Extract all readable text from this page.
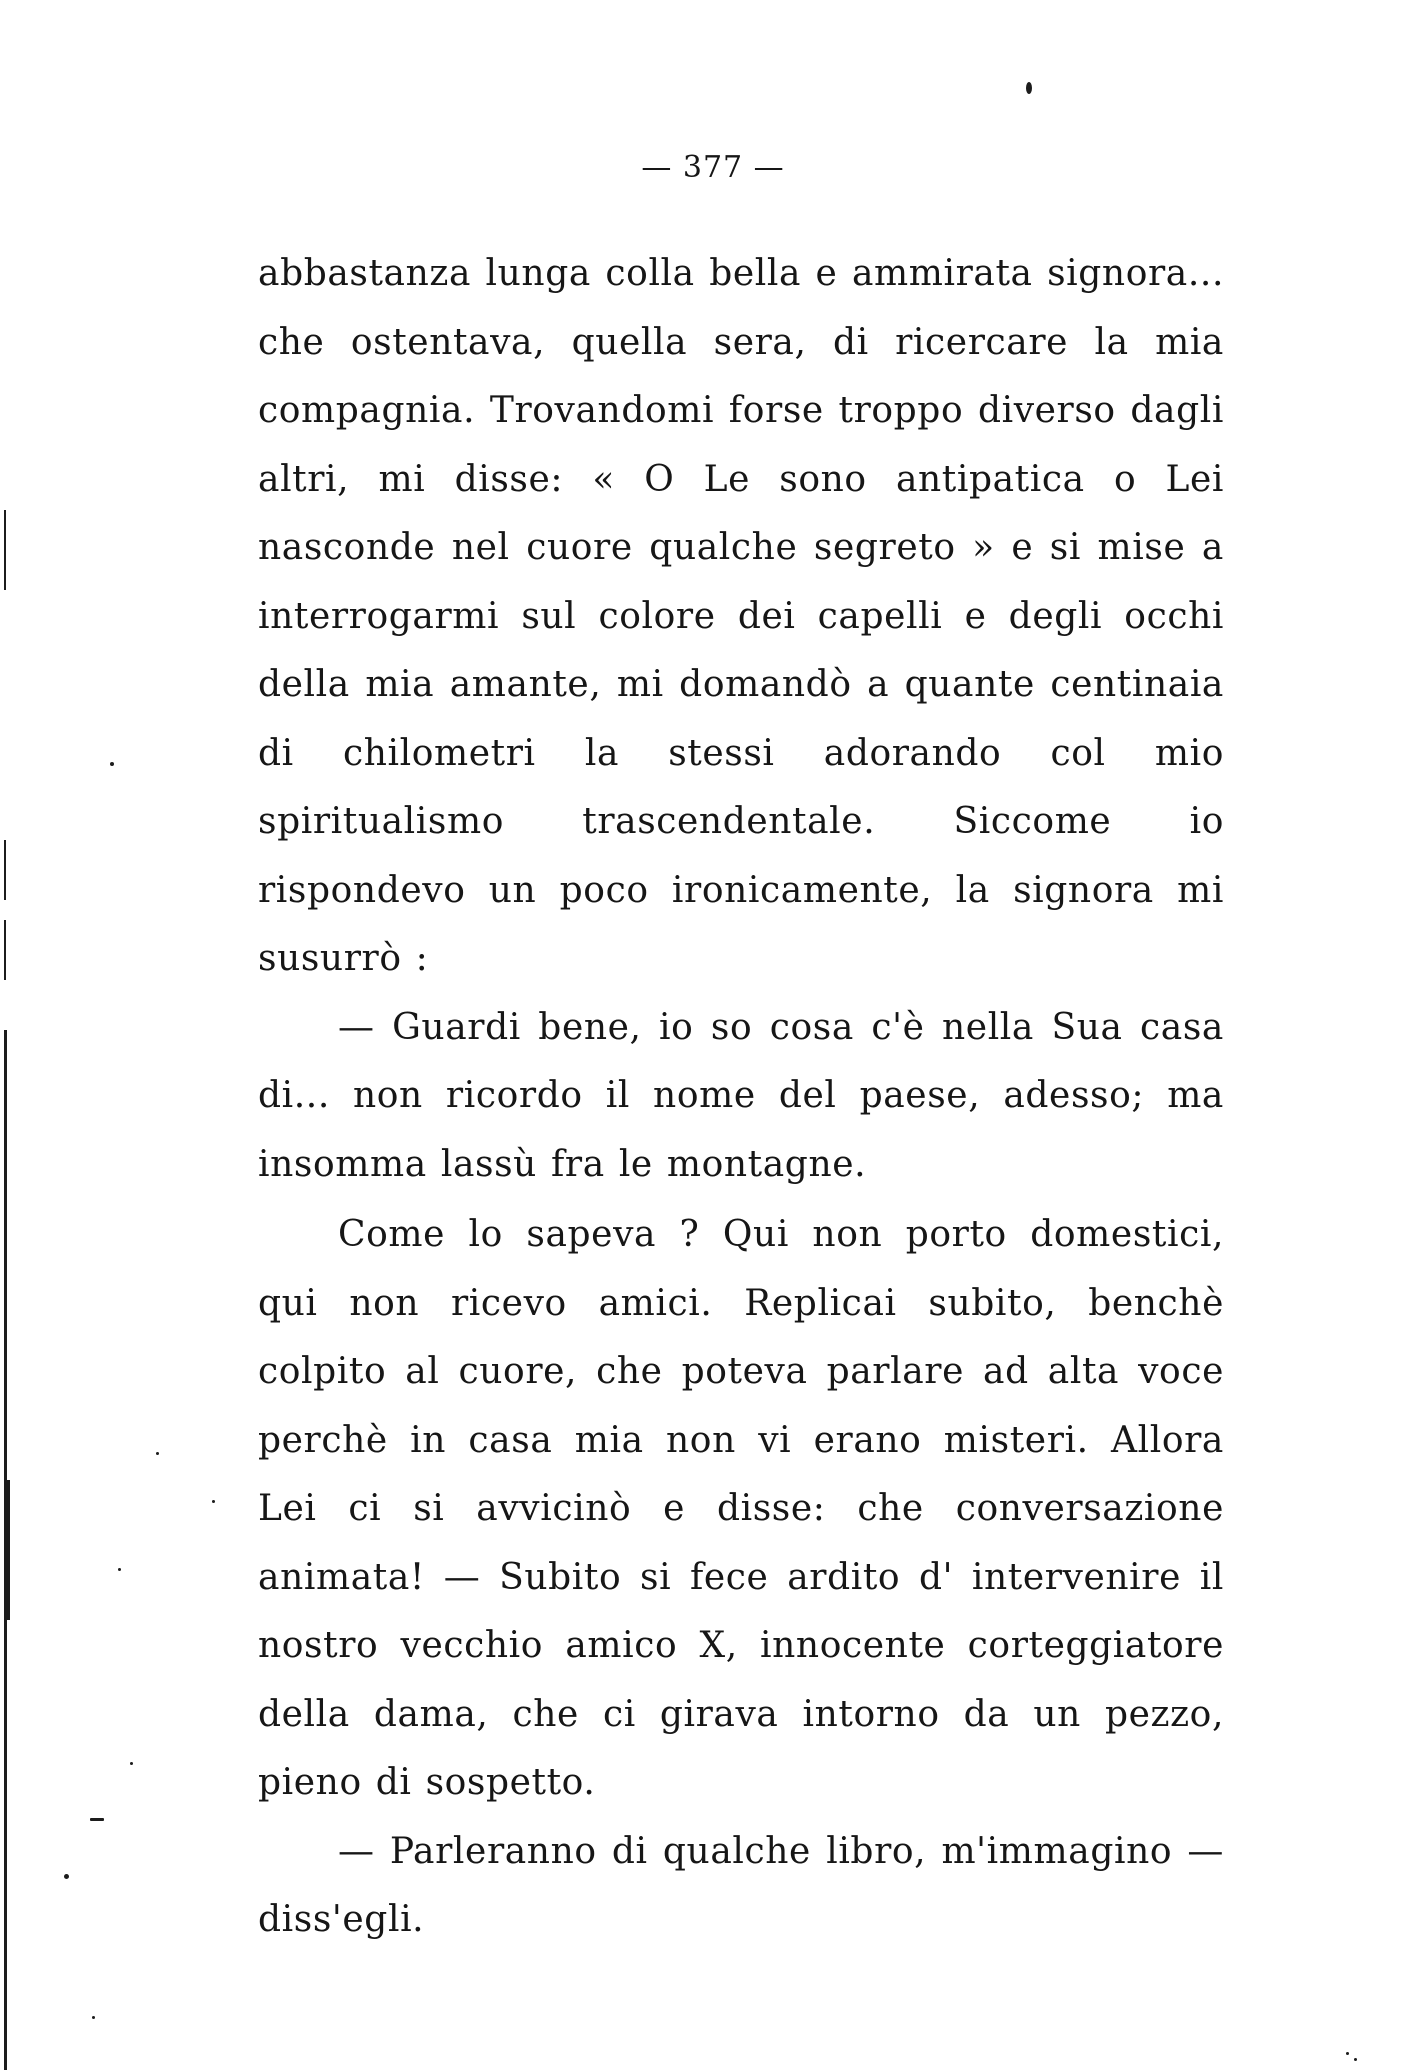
— 377 —

abbastanza lunga colla bella e ammirata signora... che ostentava, quella sera, di ricercare la mia compagnia. Trovandomi forse troppo diverso dagli altri, mi disse: « O Le sono antipatica o Lei nasconde nel cuore qualche segreto » e si mise a interrogarmi sul colore dei capelli e degli occhi della mia amante, mi domandò a quante centinaia di chilometri la stessi adorando col mio spiritualismo trascendentale. Siccome io rispondevo un poco ironicamente, la signora mi susurrò :

— Guardi bene, io so cosa c'è nella Sua casa di... non ricordo il nome del paese, adesso; ma insomma lassù fra le montagne.

Come lo sapeva ? Qui non porto domestici, qui non ricevo amici. Replicai subito, benchè colpito al cuore, che poteva parlare ad alta voce perchè in casa mia non vi erano misteri. Allora Lei ci si avvicinò e disse: che conversazione animata! — Subito si fece ardito d' intervenire il nostro vecchio amico X, innocente corteggiatore della dama, che ci girava intorno da un pezzo, pieno di sospetto.

— Parleranno di qualche libro, m'immagino — diss'egli.
